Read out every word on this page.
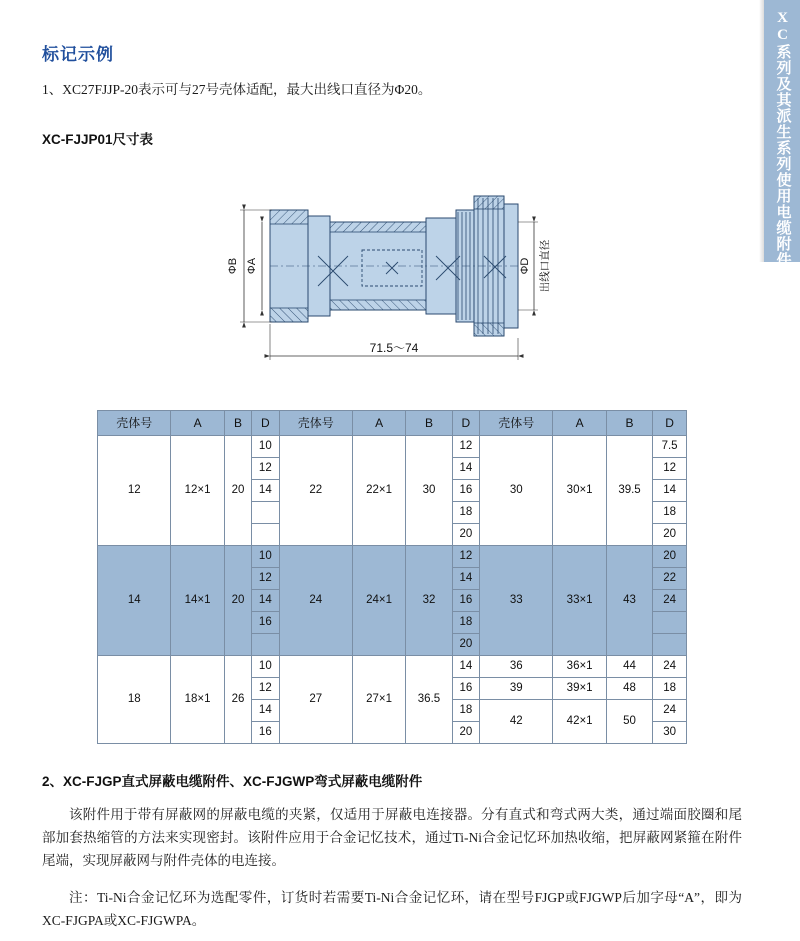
XC系列及其派生系列使用电缆附件
标记示例

1、XC27FJJP-20表示可与27号壳体适配，最大出线口直径为Φ20。

XC-FJJP01尺寸表
ΦB ΦA	ΦD 出线口直径
71.5～74
壳体号	A	B	D	壳体号	A	B	D	壳体号	A	B	D
12	12×1	20	10	22	22×1	30	12	30	30×1	39.5	7.5
			12				14				12
			14				16				14
							18				18
							20				20
14	14×1	20	10	24	24×1	32	12	33	33×1	43	20
			12				14				22
			14				16				24
			16				18				
							20				
18	18×1	26	10	27	27×1	36.5	14	36	36×1	44	24
			12				16	39	39×1	48	18
			14				18	42	42×1	50	24
			16				20				30
2、XC-FJGP直式屏蔽电缆附件、XC-FJGWP弯式屏蔽电缆附件

该附件用于带有屏蔽网的屏蔽电缆的夹紧，仅适用于屏蔽电连接器。分有直式和弯式两大类，通过端面胶圈和尾部加套热缩管的方法来实现密封。该附件应用于合金记忆技术，通过Ti-Ni合金记忆环加热收缩，把屏蔽网紧箍在附件尾端，实现屏蔽网与附件壳体的电连接。

注：Ti-Ni合金记忆环为选配零件，订货时若需要Ti-Ni合金记忆环，请在型号FJGP或FJGWP后加字母“A”，即为XC-FJGPA或XC-FJGWPA。
